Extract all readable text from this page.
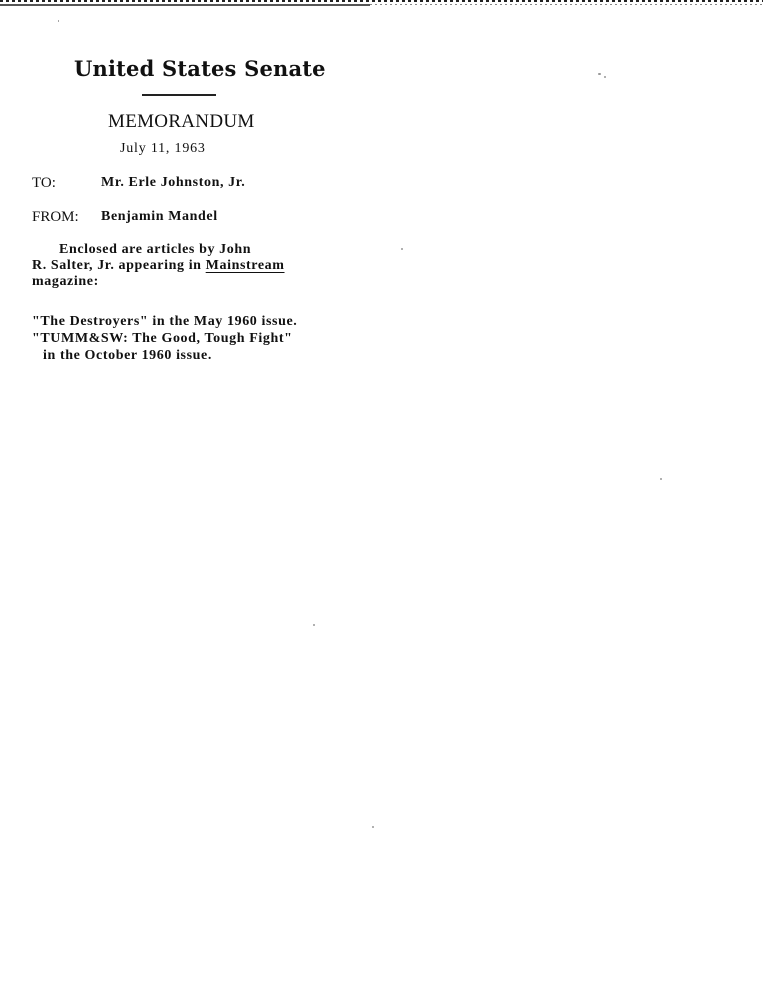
United States Senate
MEMORANDUM
July 11, 1963
TO:	Mr. Erle Johnston, Jr.
FROM: Benjamin Mandel
Enclosed are articles by John
R. Salter, Jr. appearing in Mainstream
magazine:
"The Destroyers" in the May 1960 issue.
"TUMM&SW: The Good, Tough Fight"
in the October 1960 issue.
